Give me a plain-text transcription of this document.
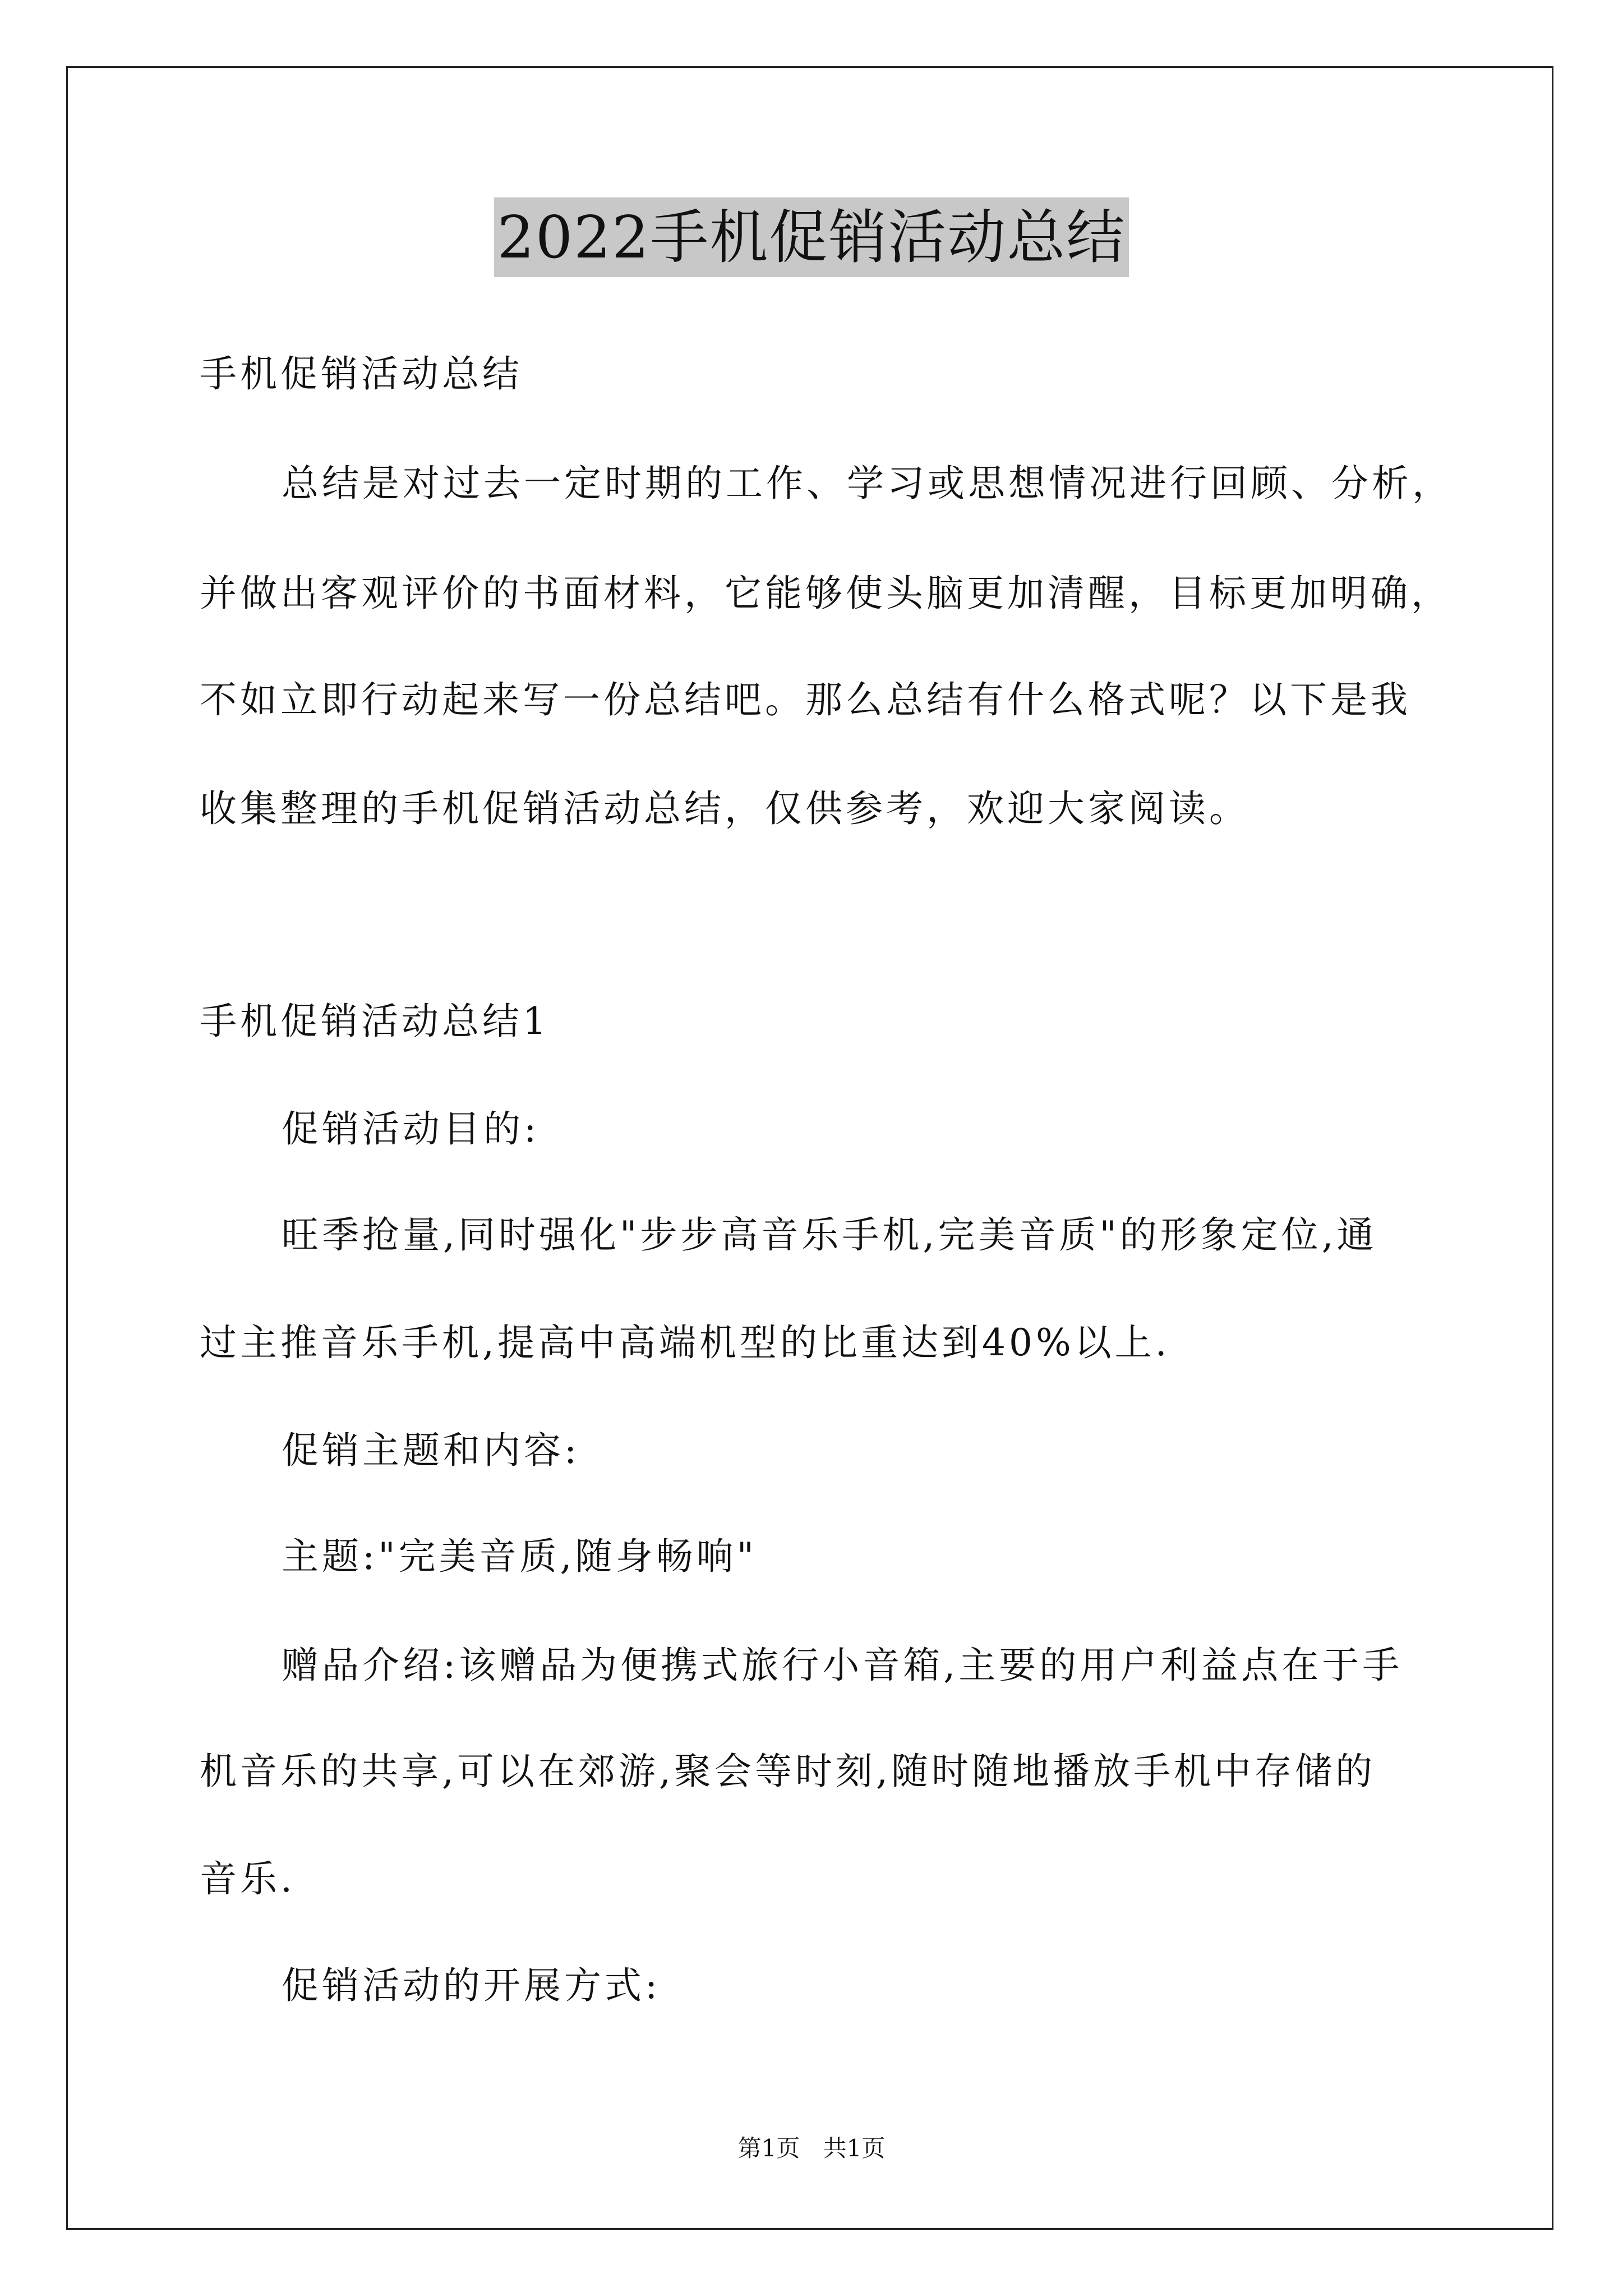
2022手机促销活动总结
手机促销活动总结
总结是对过去一定时期的工作、学习或思想情况进行回顾、分析，
并做出客观评价的书面材料，它能够使头脑更加清醒，目标更加明确，
不如立即行动起来写一份总结吧。那么总结有什么格式呢？以下是我
收集整理的手机促销活动总结，仅供参考，欢迎大家阅读。
手机促销活动总结1
促销活动目的:
旺季抢量,同时强化"步步高音乐手机,完美音质"的形象定位,通
过主推音乐手机,提高中高端机型的比重达到40%以上.
促销主题和内容:
主题:"完美音质,随身畅响"
赠品介绍:该赠品为便携式旅行小音箱,主要的用户利益点在于手
机音乐的共享,可以在郊游,聚会等时刻,随时随地播放手机中存储的
音乐.
促销活动的开展方式:
第1页 共1页
